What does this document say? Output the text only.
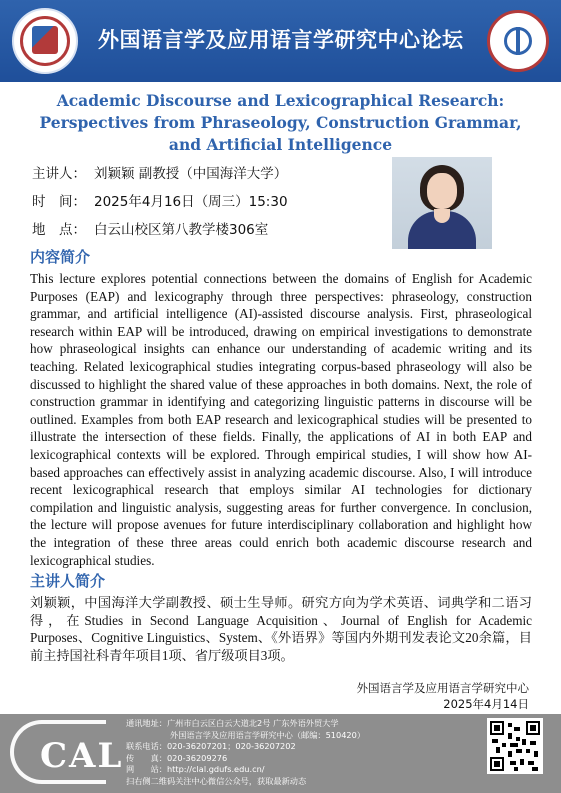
外国语言学及应用语言学研究中心论坛
Academic Discourse and Lexicographical Research:
Perspectives from Phraseology, Construction Grammar,
and Artificial Intelligence
主讲人： 刘颖颖 副教授（中国海洋大学）
时　间： 2025年4月16日（周三）15:30
地　点： 白云山校区第八教学楼306室
内容简介
This lecture explores potential connections between the domains of English for Academic Purposes (EAP) and lexicography through three perspectives: phraseology, construction grammar, and artificial intelligence (AI)-assisted discourse analysis. First, phraseological research within EAP will be introduced, drawing on empirical investigations to demonstrate how phraseological insights can enhance our understanding of academic writing and its teaching. Related lexicographical studies integrating corpus-based phraseology will also be discussed to highlight the shared value of these approaches in both domains. Next, the role of construction grammar in identifying and categorizing linguistic patterns in discourse will be outlined. Examples from both EAP research and lexicographical studies will be presented to illustrate the intersection of these fields. Finally, the applications of AI in both EAP and lexicographical contexts will be explored. Through empirical studies, I will show how AI-based approaches can effectively assist in analyzing academic discourse. Also, I will introduce recent lexicographical research that employs similar AI technologies for dictionary compilation and linguistic analysis, suggesting areas for further convergence. In conclusion, the lecture will propose avenues for future interdisciplinary collaboration and highlight how the integration of these three areas could enrich both academic discourse research and lexicographical studies.
主讲人简介
刘颖颖，中国海洋大学副教授、硕士生导师。研究方向为学术英语、词典学和二语习得，在Studies in Second Language Acquisition、Journal of English for Academic Purposes、Cognitive Linguistics、System、《外语界》等国内外期刊发表论文20余篇，目前主持国社科青年项目1项、省厅级项目3项。
外国语言学及应用语言学研究中心
2025年4月14日
CAL
通讯地址：广州市白云区白云大道北2号 广东外语外贸大学
外国语言学及应用语言学研究中心（邮编：510420）
联系电话：020-36207201；020-36207202
传　　真：020-36209276
网　　站：http://clal.gdufs.edu.cn/
扫右侧二维码关注中心微信公众号，获取最新动态
